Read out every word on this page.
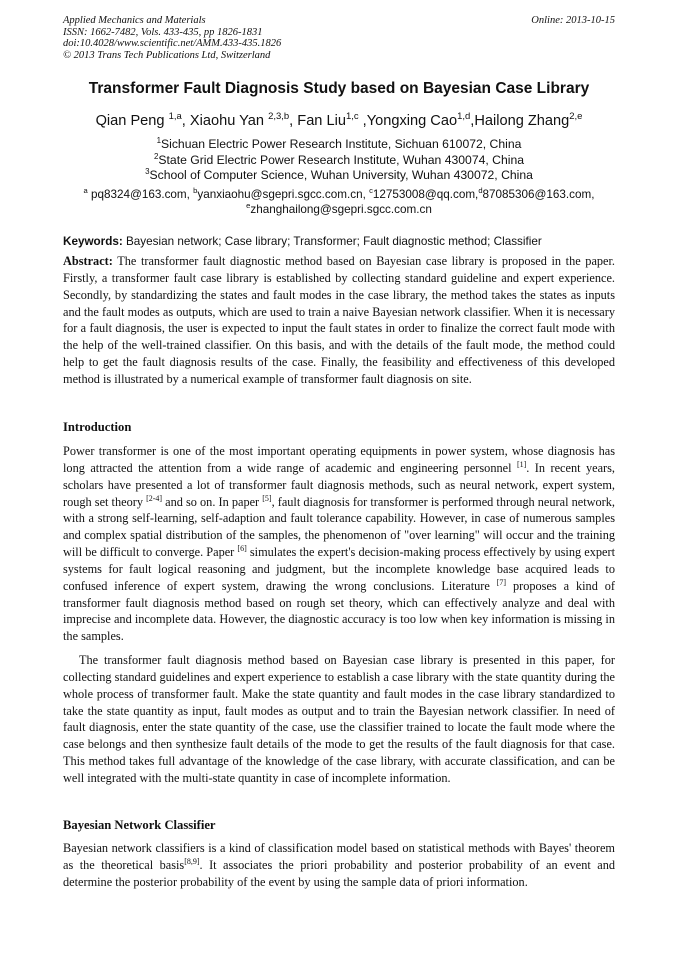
Applied Mechanics and Materials
ISSN: 1662-7482, Vols. 433-435, pp 1826-1831
doi:10.4028/www.scientific.net/AMM.433-435.1826
© 2013 Trans Tech Publications Ltd, Switzerland
Online: 2013-10-15
Transformer Fault Diagnosis Study based on Bayesian Case Library
Qian Peng $^{1,a}$, Xiaohu Yan $^{2,3,b}$, Fan Liu$^{1,c}$ ,Yongxing Cao$^{1,d}$,Hailong Zhang$^{2,e}$
$^1$Sichuan Electric Power Research Institute, Sichuan 610072, China
$^2$State Grid Electric Power Research Institute, Wuhan 430074, China
$^3$School of Computer Science, Wuhan University, Wuhan 430072, China
$^a$ pq8324@163.com, $^b$yanxiaohu@sgepri.sgcc.com.cn, $^c$12753008@qq.com,$^d$87085306@163.com,
$^e$zhanghailong@sgepri.sgcc.com.cn
Keywords: Bayesian network; Case library; Transformer; Fault diagnostic method; Classifier
Abstract: The transformer fault diagnostic method based on Bayesian case library is proposed in the paper. Firstly, a transformer fault case library is established by collecting standard guideline and expert experience. Secondly, by standardizing the states and fault modes in the case library, the method takes the states as inputs and the fault modes as outputs, which are used to train a naive Bayesian network classifier. When it is necessary for a fault diagnosis, the user is expected to input the fault states in order to finalize the correct fault mode with the help of the well-trained classifier. On this basis, and with the details of the fault mode, the method could help to get the fault diagnosis results of the case. Finally, the feasibility and effectiveness of this developed method is illustrated by a numerical example of transformer fault diagnosis on site.
Introduction
Power transformer is one of the most important operating equipments in power system, whose diagnosis has long attracted the attention from a wide range of academic and engineering personnel [1]. In recent years, scholars have presented a lot of transformer fault diagnosis methods, such as neural network, expert system, rough set theory [2-4] and so on. In paper [5], fault diagnosis for transformer is performed through neural network, with a strong self-learning, self-adaption and fault tolerance capability. However, in case of numerous samples and complex spatial distribution of the samples, the phenomenon of "over learning" will occur and the training will be difficult to converge. Paper [6] simulates the expert's decision-making process effectively by using expert systems for fault logical reasoning and judgment, but the incomplete knowledge base acquired leads to confused inference of expert system, drawing the wrong conclusions. Literature [7] proposes a kind of transformer fault diagnosis method based on rough set theory, which can effectively analyze and deal with imprecise and incomplete data. However, the diagnostic accuracy is too low when key information is missing in the samples.
The transformer fault diagnosis method based on Bayesian case library is presented in this paper, for collecting standard guidelines and expert experience to establish a case library with the state quantity during the whole process of transformer fault. Make the state quantity and fault modes in the case library standardized to take the state quantity as input, fault modes as output and to train the Bayesian network classifier. In need of fault diagnosis, enter the state quantity of the case, use the classifier trained to locate the fault mode where the case belongs and then synthesize fault details of the mode to get the results of the fault diagnosis for that case. This method takes full advantage of the knowledge of the case library, with accurate classification, and can be well integrated with the multi-state quantity in case of incomplete information.
Bayesian Network Classifier
Bayesian network classifiers is a kind of classification model based on statistical methods with Bayes' theorem as the theoretical basis[8,9]. It associates the priori probability and posterior probability of an event and determine the posterior probability of the event by using the sample data of priori information.
